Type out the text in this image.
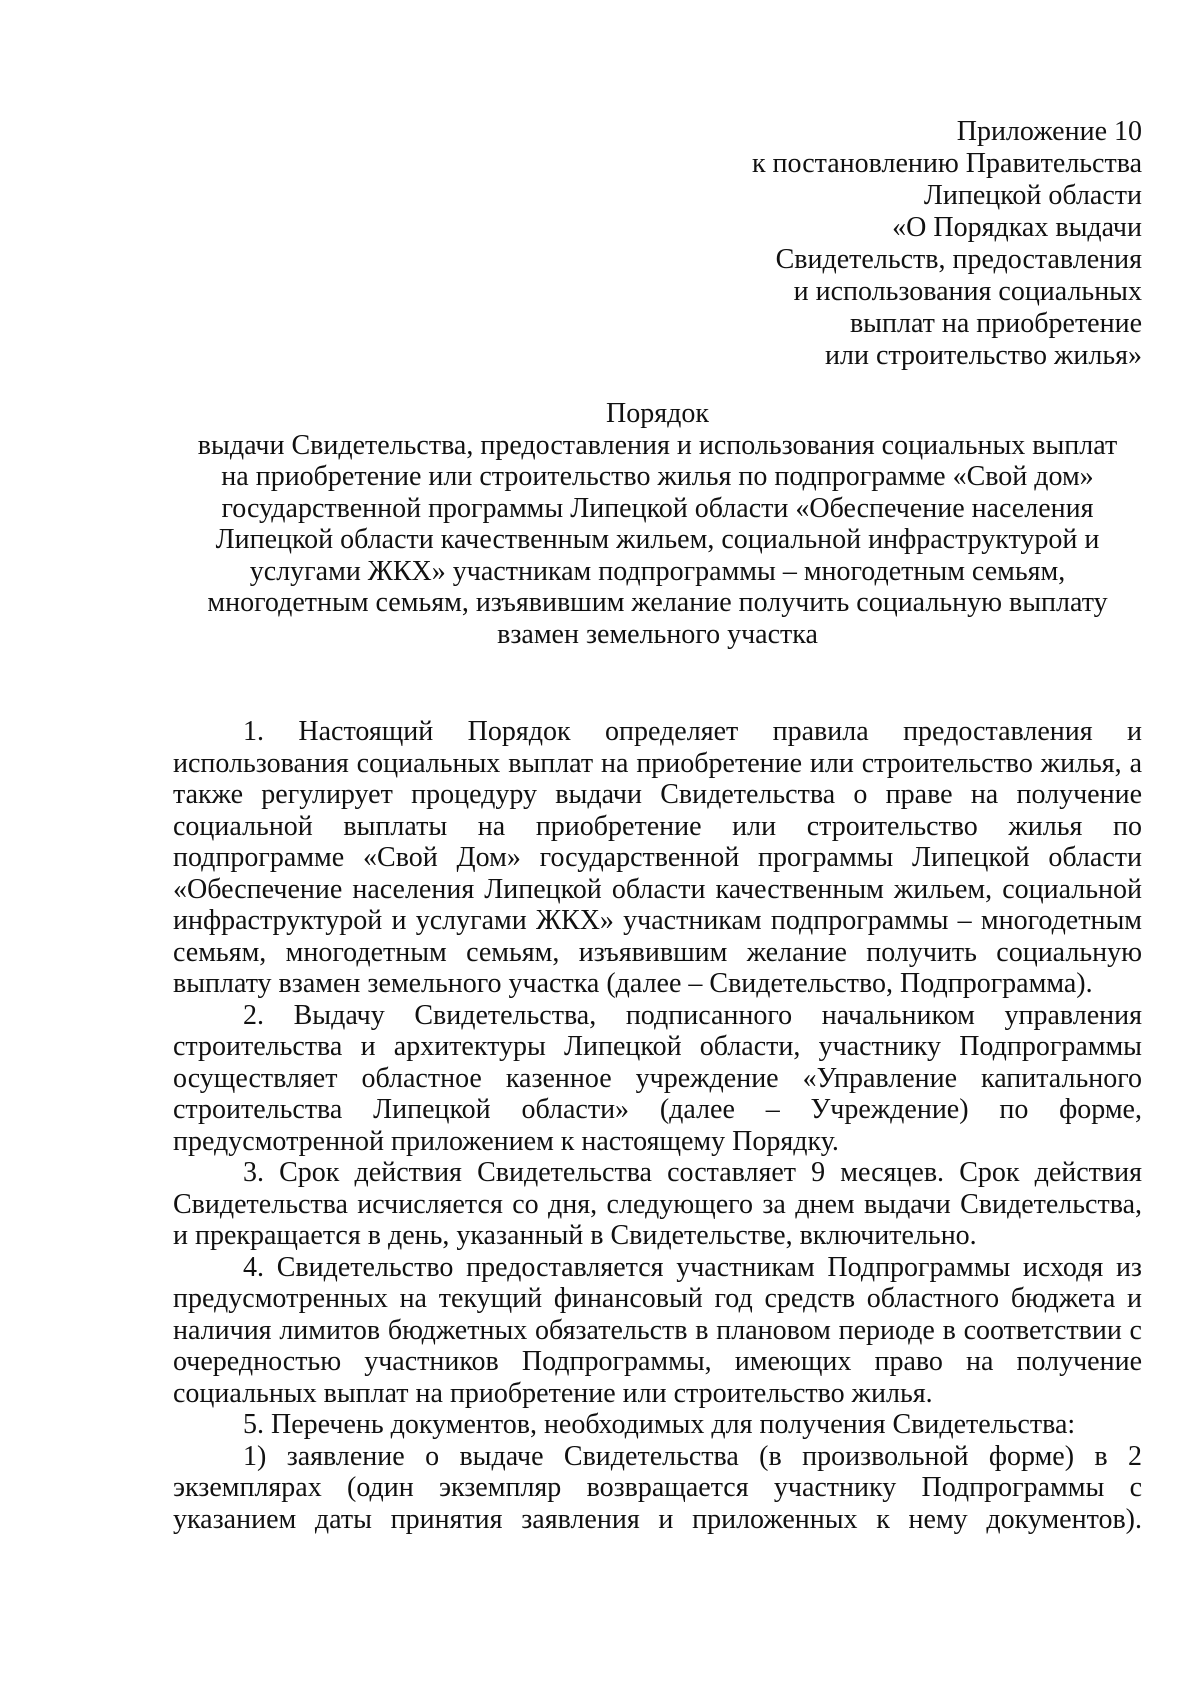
Приложение 10
к постановлению Правительства
Липецкой области
«О Порядках выдачи
Свидетельств, предоставления
и использования социальных
выплат на приобретение
или строительство жилья»
Порядок
выдачи Свидетельства, предоставления и использования социальных выплат
на приобретение или строительство жилья по подпрограмме «Свой дом»
государственной программы Липецкой области «Обеспечение населения
Липецкой области качественным жильем, социальной инфраструктурой и
услугами ЖКХ» участникам подпрограммы – многодетным семьям,
многодетным семьям, изъявившим желание получить социальную выплату
взамен земельного участка

1. Настоящий Порядок определяет правила предоставления и использования социальных выплат на приобретение или строительство жилья, а также регулирует процедуру выдачи Свидетельства о праве на получение социальной выплаты на приобретение или строительство жилья по подпрограмме «Свой Дом» государственной программы Липецкой области «Обеспечение населения Липецкой области качественным жильем, социальной инфраструктурой и услугами ЖКХ» участникам подпрограммы – многодетным семьям, многодетным семьям, изъявившим желание получить социальную выплату взамен земельного участка (далее – Свидетельство, Подпрограмма).

2. Выдачу Свидетельства, подписанного начальником управления строительства и архитектуры Липецкой области, участнику Подпрограммы осуществляет областное казенное учреждение «Управление капитального строительства Липецкой области» (далее – Учреждение) по форме, предусмотренной приложением к настоящему Порядку.

3. Срок действия Свидетельства составляет 9 месяцев. Срок действия Свидетельства исчисляется со дня, следующего за днем выдачи Свидетельства, и прекращается в день, указанный в Свидетельстве, включительно.

4. Свидетельство предоставляется участникам Подпрограммы исходя из предусмотренных на текущий финансовый год средств областного бюджета и наличия лимитов бюджетных обязательств в плановом периоде в соответствии с очередностью участников Подпрограммы, имеющих право на получение социальных выплат на приобретение или строительство жилья.

5. Перечень документов, необходимых для получения Свидетельства:

1) заявление о выдаче Свидетельства (в произвольной форме) в 2 экземплярах (один экземпляр возвращается участнику Подпрограммы с указанием даты принятия заявления и приложенных к нему документов).
